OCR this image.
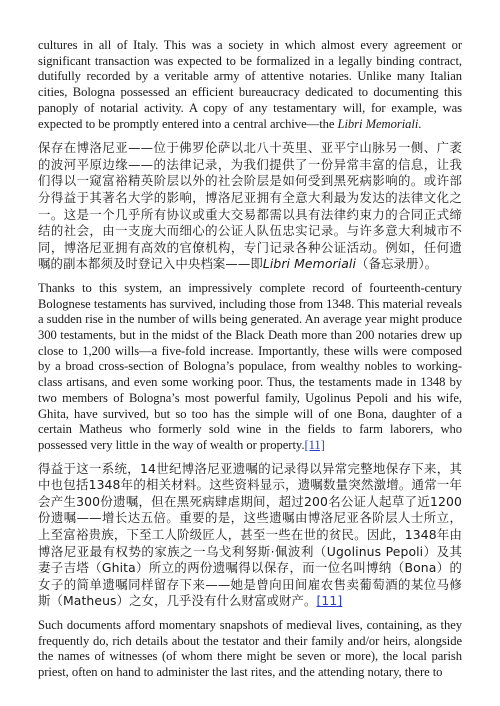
cultures in all of Italy. This was a society in which almost every agreement or significant transaction was expected to be formalized in a legally binding contract, dutifully recorded by a veritable army of attentive notaries. Unlike many Italian cities, Bologna possessed an efficient bureaucracy dedicated to documenting this panoply of notarial activity. A copy of any testamentary will, for example, was expected to be promptly entered into a central archive—the Libri Memoriali.

保存在博洛尼亚——位于佛罗伦萨以北八十英里、亚平宁山脉另一侧、广袤的波河平原边缘——的法律记录，为我们提供了一份异常丰富的信息，让我们得以一窥富裕精英阶层以外的社会阶层是如何受到黑死病影响的。或许部分得益于其著名大学的影响，博洛尼亚拥有全意大利最为发达的法律文化之一。这是一个几乎所有协议或重大交易都需以具有法律约束力的合同正式缔结的社会，由一支庞大而细心的公证人队伍忠实记录。与许多意大利城市不同，博洛尼亚拥有高效的官僚机构，专门记录各种公证活动。例如，任何遗嘱的副本都须及时登记入中央档案——即Libri Memoriali（备忘录册）。

Thanks to this system, an impressively complete record of fourteenth-century Bolognese testaments has survived, including those from 1348. This material reveals a sudden rise in the number of wills being generated. An average year might produce 300 testaments, but in the midst of the Black Death more than 200 notaries drew up close to 1,200 wills—a five-fold increase. Importantly, these wills were composed by a broad cross-section of Bologna’s populace, from wealthy nobles to working-class artisans, and even some working poor. Thus, the testaments made in 1348 by two members of Bologna’s most powerful family, Ugolinus Pepoli and his wife, Ghita, have survived, but so too has the simple will of one Bona, daughter of a certain Matheus who formerly sold wine in the fields to farm laborers, who possessed very little in the way of wealth or property.[11]

得益于这一系统，14世纪博洛尼亚遗嘱的记录得以异常完整地保存下来，其中也包括1348年的相关材料。这些资料显示，遗嘱数量突然激增。通常一年会产生300份遗嘱，但在黑死病肆虐期间，超过200名公证人起草了近1200份遗嘱——增长达五倍。重要的是，这些遗嘱由博洛尼亚各阶层人士所立，上至富裕贵族，下至工人阶级匠人，甚至一些在世的贫民。因此，1348年由博洛尼亚最有权势的家族之一乌戈利努斯·佩波利（Ugolinus Pepoli）及其妻子吉塔（Ghita）所立的两份遗嘱得以保存，而一位名叫博纳（Bona）的女子的简单遗嘱同样留存下来——她是曾向田间雇农售卖葡萄酒的某位马修斯（Matheus）之女，几乎没有什么财富或财产。[11]

Such documents afford momentary snapshots of medieval lives, containing, as they frequently do, rich details about the testator and their family and/or heirs, alongside the names of witnesses (of whom there might be seven or more), the local parish priest, often on hand to administer the last rites, and the attending notary, there to
